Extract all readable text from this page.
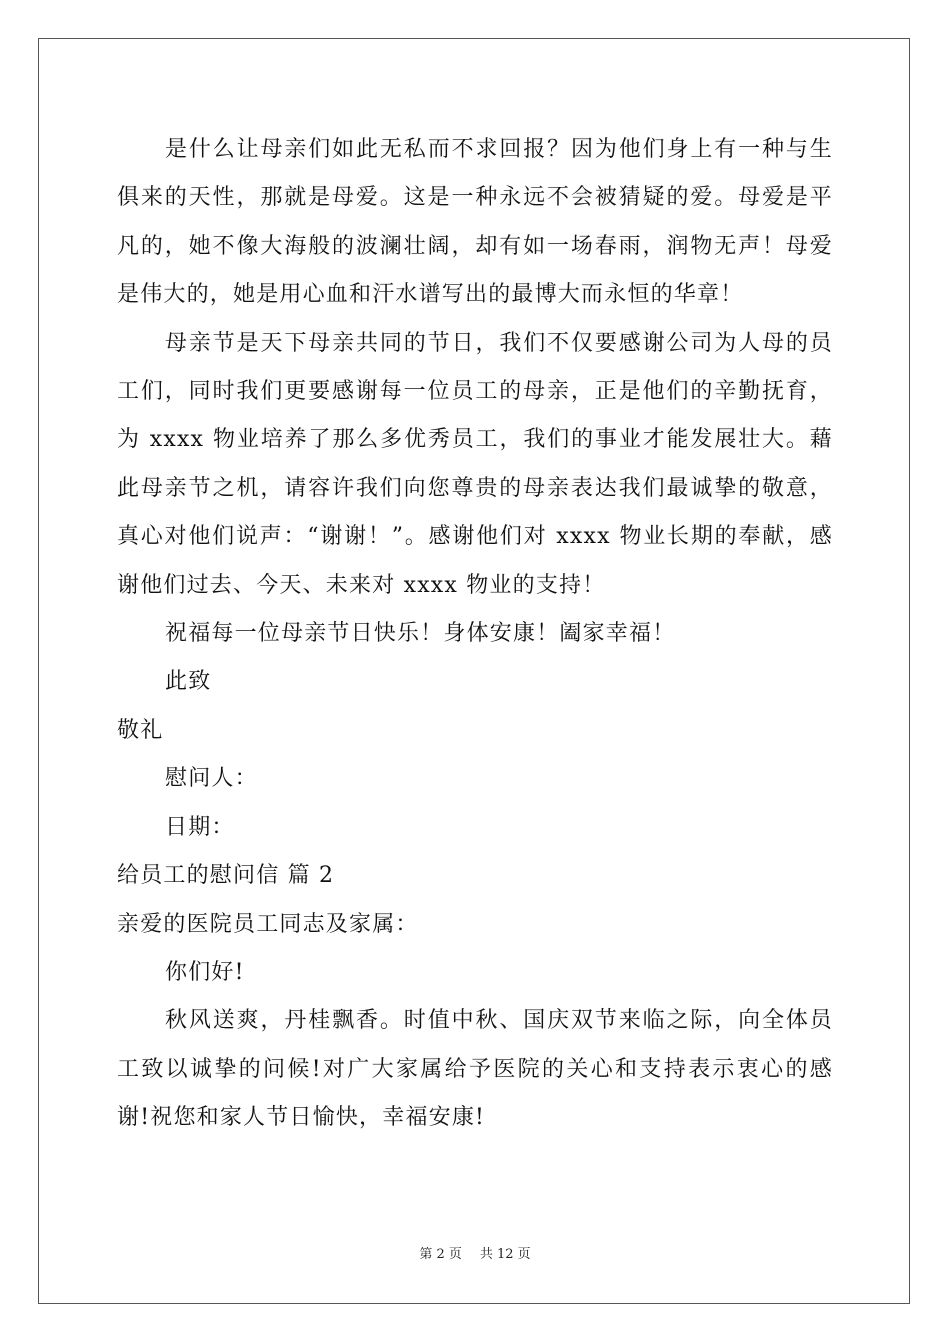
是什么让母亲们如此无私而不求回报？因为他们身上有一种与生俱来的天性，那就是母爱。这是一种永远不会被猜疑的爱。母爱是平凡的，她不像大海般的波澜壮阔，却有如一场春雨，润物无声！母爱是伟大的，她是用心血和汗水谱写出的最博大而永恒的华章！

母亲节是天下母亲共同的节日，我们不仅要感谢公司为人母的员工们，同时我们更要感谢每一位员工的母亲，正是他们的辛勤抚育，为 xxxx 物业培养了那么多优秀员工，我们的事业才能发展壮大。藉此母亲节之机，请容许我们向您尊贵的母亲表达我们最诚挚的敬意，真心对他们说声：“谢谢！”。感谢他们对 xxxx 物业长期的奉献，感谢他们过去、今天、未来对 xxxx 物业的支持！

祝福每一位母亲节日快乐！身体安康！阖家幸福！

此致

敬礼

慰问人：

日期：

给员工的慰问信 篇 2

亲爱的医院员工同志及家属：

你们好!

秋风送爽，丹桂飘香。时值中秋、国庆双节来临之际，向全体员工致以诚挚的问候!对广大家属给予医院的关心和支持表示衷心的感谢!祝您和家人节日愉快，幸福安康!

第 2 页 共 12 页
